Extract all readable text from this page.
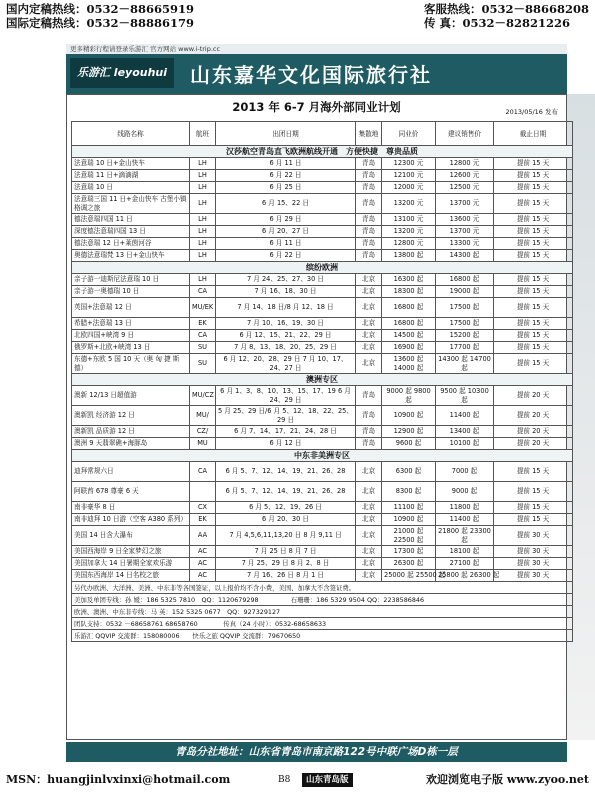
国内定稿热线：0532－88665919
国际定稿热线：0532－88886179
客服热线：0532－88668208
传 真：0532－82821226
更多精彩行程请登录乐游汇 官方网站 www.i-trip.cc
乐游汇 leyouhui	山东嘉华文化国际旅行社
2013 年 6-7 月海外部同业计划	2013/05/16 发布
线路名称	航班	出团日期	集散地	同业价	建议销售价	截止日期
汉莎航空青岛直飞欧洲航线开通　方便快捷　尊贵品质						
法意瑞 10 日+金山快车	LH	6 月 11 日	青岛	12300 元	12800 元	提前 15 天
法意瑞 11 日+滴滴湖	LH	6 月 22 日	青岛	12100 元	12600 元	提前 15 天
法意瑞 10 日	LH	6 月 25 日	青岛	12000 元	12500 元	提前 15 天
法意瑞三国 11 日+金山快车 古堡小镇格调之旅	LH	6 月 15、22 日	青岛	13200 元	13700 元	提前 15 天
德法意瑞四国 11 日	LH	6 月 29 日	青岛	13100 元	13600 元	提前 15 天
深度德法意瑞四国 13 日	LH	6 月 20、27 日	青岛	13200 元	13700 元	提前 15 天
德法意瑞 12 日+莱茵河谷	LH	6 月 11 日	青岛	12800 元	13300 元	提前 15 天
奥德法意瑞梵 13 日+金山快车	LH	6 月 22 日	青岛	13800 起	14300 起	提前 15 天
缤纷欧洲						
亲子游一迪斯尼法意瑞 10 日	LH	7 月 24、25、27、30 日	北京	16300 起	16800 起	提前 15 天
亲子游一奥德瑞 10 日	CA	7 月 16、18、30 日	北京	18300 起	19000 起	提前 15 天
英国+法意瑞 12 日	MU/EK	7 月 14、18 日/8 月 12、18 日	北京	16800 起	17500 起	提前 15 天
希腊+法意瑞 13 日	EK	7 月 10、16、19、30 日	北京	16800 起	17500 起	提前 15 天
北欧四国+峡湾 9 日	CA	6 月 12、15、21、22、29 日	北京	14500 起	15200 起	提前 15 天
俄罗斯+北欧+峡湾 13 日	SU	7 月 8、13、18、20、25、29 日	北京	16900 起	17700 起	提前 15 天
东德+东欧 5 国 10 天（奥 匈 捷 斯 德）	SU	6 月 12、20、28、29 日 7 月 10、17、24、27 日	北京	13600 起 14000 起	14300 起 14700 起	提前 15 天
澳洲专区						
澳新 12/13 日超值游	MU/CZ	6 月 1、3、8、10、13、15、17、19 6 月 24、29 日	青岛	9000 起 9800 起	9500 起 10300 起	提前 20 天
澳新凯 经济游 12 日	MU/	5 月 25、29 日/6 月 5、12、18、22、25、29 日	青岛	10900 起	11400 起	提前 20 天
澳新凯 品质游 12 日	CZ/	6 月 7、14、17、21、24、28 日	青岛	12900 起	13400 起	提前 20 天
澳洲 9 天翡翠礁+海豚岛	MU	6 月 12 日	青岛	9600 起	10100 起	提前 20 天
中东非美洲专区						
迪拜常规六日	CA	6 月 5、7、12、14、19、21、26、28	北京	6300 起	7000 起	提前 15 天
阿联酋 678 尊豪 6 天		6 月 5、7、12、14、19、21、26、28	北京	8300 起	9000 起	提前 15 天
南非豪华 8 日	CX	6 月 5、12、19、26 日	北京	11100 起	11800 起	提前 15 天
南非迪拜 10 日游（空客 A380 系列）	EK	6 月 20、30 日	北京	10900 起	11400 起	提前 15 天
美国 14 日含大瀑布	AA	7 月 4,5,6,11,13,20 日 8 月 9,11 日	北京	21000 起 22500 起	21800 起 23300 起	提前 30 天
美国西海岸 9 日全家梦幻之旅	AC	7 月 25 日 8 月 7 日	北京	17300 起	18100 起	提前 30 天
美国加拿大 14 日暑期全家欢乐游	AC	7 月 25、29 日 8 月 2、8 日	北京	26300 起	27100 起	提前 30 天
美国东西海岸 14 日名校之旅	AC	7 月 16、26 日 8 月 1 日	北京	25000 起 25500 起	25800 起 26300 起	提前 30 天
另代办欧洲、大洋洲、美洲、中东非等各国签证，以上报价均不含小费，美国、加拿大不含签证费。						
美加及单团专线：孙 媛：186 5325 7810　QQ：1120679298　　　　　石珊珊：186 5329 9504 QQ：2238586846						
欧洲、澳洲、中东非专线：马 英：152 5325 0677　QQ：927329127						
团队支持：0532 －68658761 68658760　　　　传真（24 小时）：0532-68658633						
乐游汇 QQVIP 交流群：158080006　　快乐之旅 QQVIP 交流群：79670650						
青岛分社地址：山东省青岛市南京路122号中联广场D栋一层
MSN：huangjinlvxinxi@hotmail.com	B8	山东青岛版	欢迎浏览电子版 www.zyoo.net
